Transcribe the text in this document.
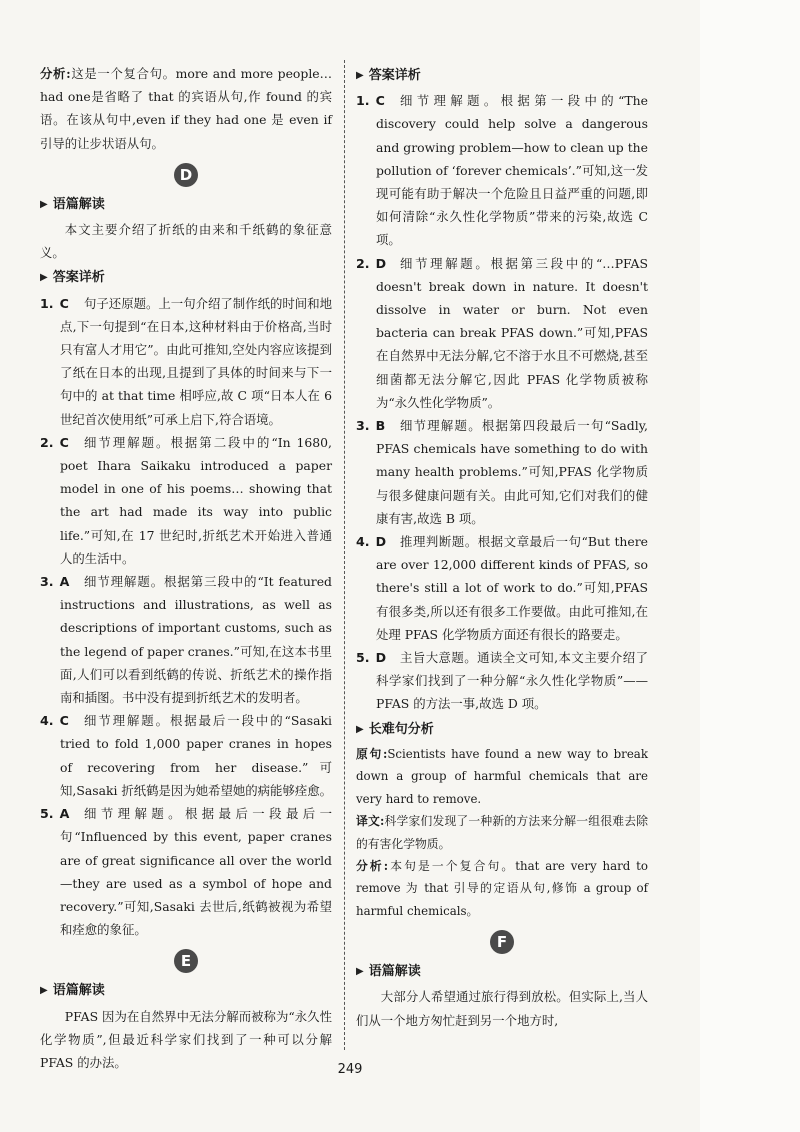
分析:这是一个复合句。more and more people…had one是省略了 that 的宾语从句,作 found 的宾语。在该从句中,even if they had one 是 even if 引导的让步状语从句。

D
▶ 语篇解读

本文主要介绍了折纸的由来和千纸鹤的象征意义。

▶ 答案详析
1. C 句子还原题。上一句介绍了制作纸的时间和地点,下一句提到“在日本,这种材料由于价格高,当时只有富人才用它”。由此可推知,空处内容应该提到了纸在日本的出现,且提到了具体的时间来与下一句中的 at that time 相呼应,故 C 项“日本人在 6 世纪首次使用纸”可承上启下,符合语境。
2. C 细节理解题。根据第二段中的“In 1680, poet Ihara Saikaku introduced a paper model in one of his poems… showing that the art had made its way into public life.”可知,在 17 世纪时,折纸艺术开始进入普通人的生活中。
3. A 细节理解题。根据第三段中的“It featured instructions and illustrations, as well as descriptions of important customs, such as the legend of paper cranes.”可知,在这本书里面,人们可以看到纸鹤的传说、折纸艺术的操作指南和插图。书中没有提到折纸艺术的发明者。
4. C 细节理解题。根据最后一段中的“Sasaki tried to fold 1,000 paper cranes in hopes of recovering from her disease.”可知,Sasaki 折纸鹤是因为她希望她的病能够痊愈。
5. A 细节理解题。根据最后一段最后一句“Influenced by this event, paper cranes are of great significance all over the world—they are used as a symbol of hope and recovery.”可知,Sasaki 去世后,纸鹤被视为希望和痊愈的象征。
E
▶ 语篇解读

PFAS 因为在自然界中无法分解而被称为“永久性化学物质”,但最近科学家们找到了一种可以分解 PFAS 的办法。

▶ 答案详析
1. C 细节理解题。根据第一段中的“The discovery could help solve a dangerous and growing problem—how to clean up the pollution of ‘forever chemicals’.”可知,这一发现可能有助于解决一个危险且日益严重的问题,即如何清除“永久性化学物质”带来的污染,故选 C 项。
2. D 细节理解题。根据第三段中的“…PFAS doesn't break down in nature. It doesn't dissolve in water or burn. Not even bacteria can break PFAS down.”可知,PFAS 在自然界中无法分解,它不溶于水且不可燃烧,甚至细菌都无法分解它,因此 PFAS 化学物质被称为“永久性化学物质”。
3. B 细节理解题。根据第四段最后一句“Sadly, PFAS chemicals have something to do with many health problems.”可知,PFAS 化学物质与很多健康问题有关。由此可知,它们对我们的健康有害,故选 B 项。
4. D 推理判断题。根据文章最后一句“But there are over 12,000 different kinds of PFAS, so there's still a lot of work to do.”可知,PFAS 有很多类,所以还有很多工作要做。由此可推知,在处理 PFAS 化学物质方面还有很长的路要走。
5. D 主旨大意题。通读全文可知,本文主要介绍了科学家们找到了一种分解“永久性化学物质”——PFAS 的方法一事,故选 D 项。
▶ 长难句分析

原句:Scientists have found a new way to break down a group of harmful chemicals that are very hard to remove.

译文:科学家们发现了一种新的方法来分解一组很难去除的有害化学物质。

分析:本句是一个复合句。that are very hard to remove 为 that 引导的定语从句,修饰 a group of harmful chemicals。

F
▶ 语篇解读

大部分人希望通过旅行得到放松。但实际上,当人们从一个地方匆忙赶到另一个地方时,

249
